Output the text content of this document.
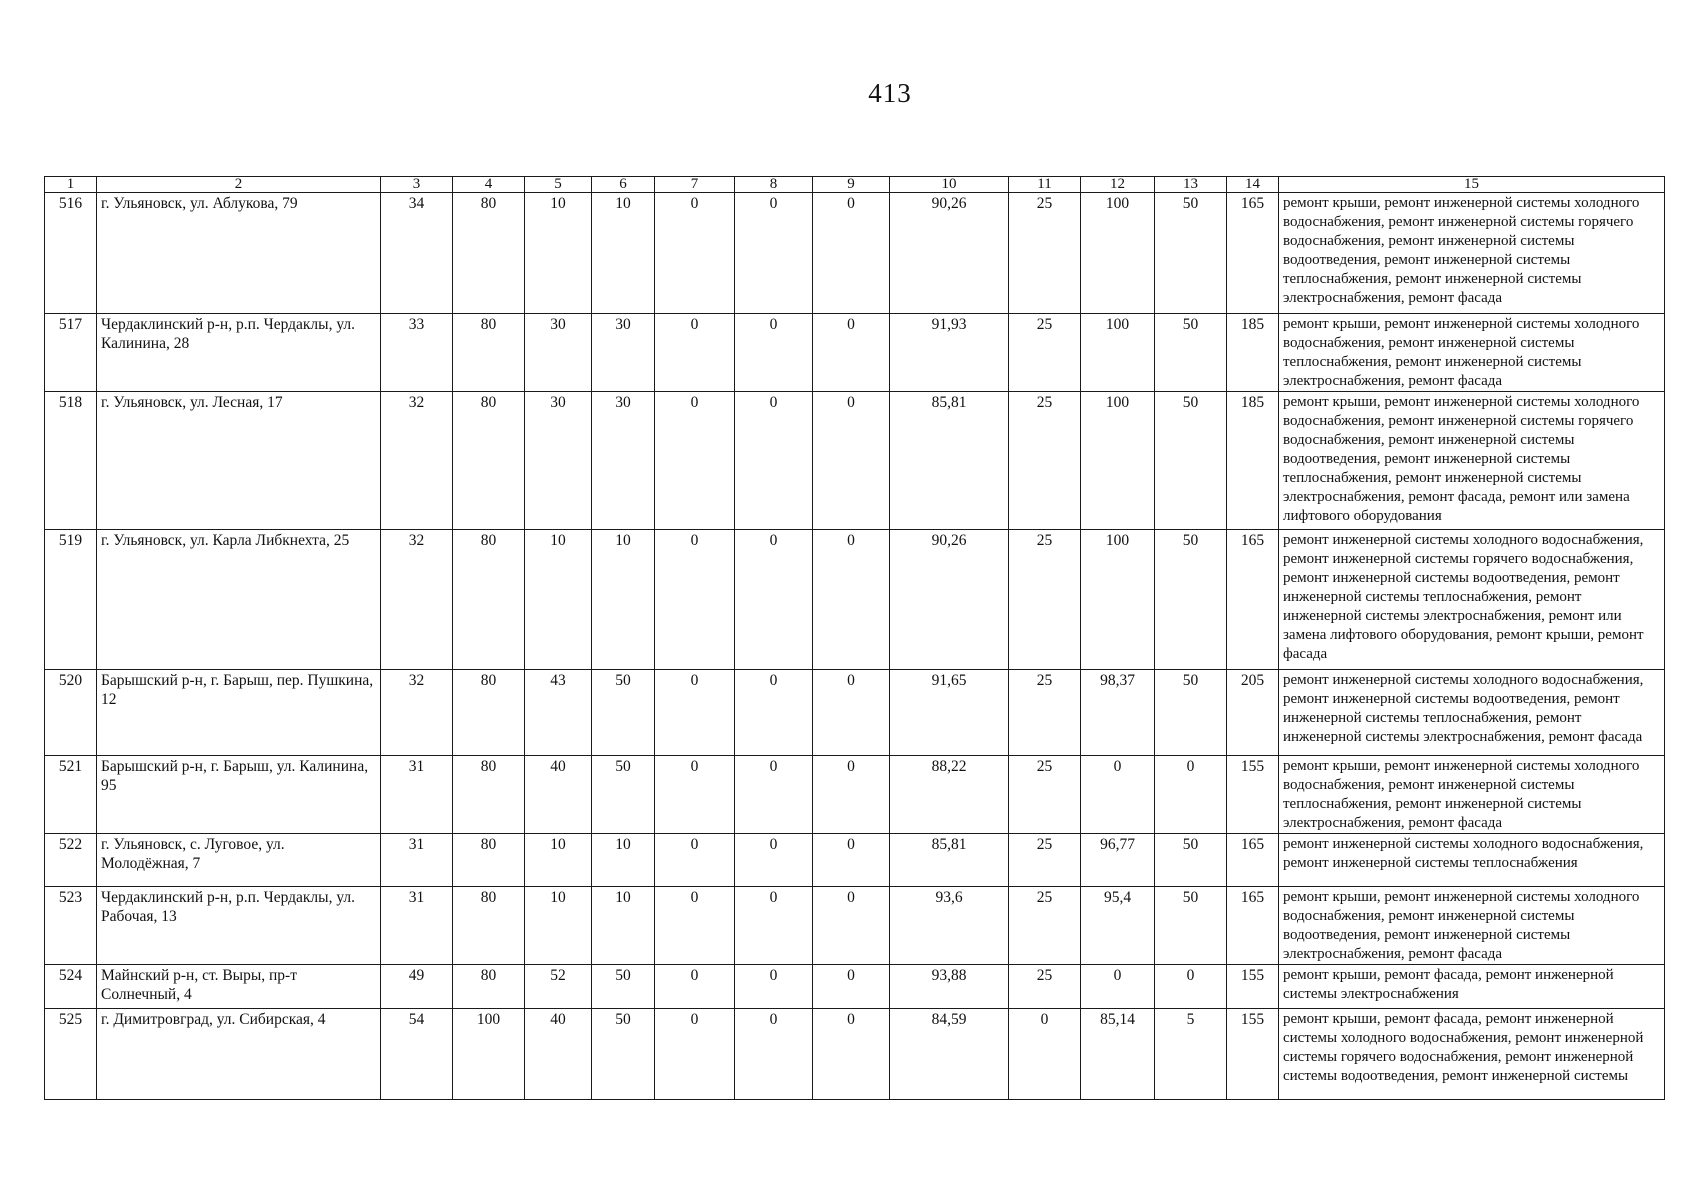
413
1	2	3	4	5	6	7	8	9	10	11	12	13	14	15
516	г. Ульяновск, ул. Аблукова, 79	34	80	10	10	0	0	0	90,26	25	100	50	165	ремонт крыши, ремонт инженерной системы холодного водоснабжения, ремонт инженерной системы горячего водоснабжения, ремонт инженерной системы водоотведения, ремонт инженерной системы теплоснабжения, ремонт инженерной системы электроснабжения, ремонт фасада
517	Чердаклинский р-н, р.п. Чердаклы, ул. Калинина, 28	33	80	30	30	0	0	0	91,93	25	100	50	185	ремонт крыши, ремонт инженерной системы холодного водоснабжения, ремонт инженерной системы теплоснабжения, ремонт инженерной системы электроснабжения, ремонт фасада
518	г. Ульяновск, ул. Лесная, 17	32	80	30	30	0	0	0	85,81	25	100	50	185	ремонт крыши, ремонт инженерной системы холодного водоснабжения, ремонт инженерной системы горячего водоснабжения, ремонт инженерной системы водоотведения, ремонт инженерной системы теплоснабжения, ремонт инженерной системы электроснабжения, ремонт фасада, ремонт или замена лифтового оборудования
519	г. Ульяновск, ул. Карла Либкнехта, 25	32	80	10	10	0	0	0	90,26	25	100	50	165	ремонт инженерной системы холодного водоснабжения, ремонт инженерной системы горячего водоснабжения, ремонт инженерной системы водоотведения, ремонт инженерной системы теплоснабжения, ремонт инженерной системы электроснабжения, ремонт или замена лифтового оборудования, ремонт крыши, ремонт фасада
520	Барышский р-н, г. Барыш, пер. Пушкина, 12	32	80	43	50	0	0	0	91,65	25	98,37	50	205	ремонт инженерной системы холодного водоснабжения, ремонт инженерной системы водоотведения, ремонт инженерной системы теплоснабжения, ремонт инженерной системы электроснабжения, ремонт фасада
521	Барышский р-н, г. Барыш, ул. Калинина, 95	31	80	40	50	0	0	0	88,22	25	0	0	155	ремонт крыши, ремонт инженерной системы холодного водоснабжения, ремонт инженерной системы теплоснабжения, ремонт инженерной системы электроснабжения, ремонт фасада
522	г. Ульяновск, с. Луговое, ул. Молодёжная, 7	31	80	10	10	0	0	0	85,81	25	96,77	50	165	ремонт инженерной системы холодного водоснабжения, ремонт инженерной системы теплоснабжения
523	Чердаклинский р-н, р.п. Чердаклы, ул. Рабочая, 13	31	80	10	10	0	0	0	93,6	25	95,4	50	165	ремонт крыши, ремонт инженерной системы холодного водоснабжения, ремонт инженерной системы водоотведения, ремонт инженерной системы электроснабжения, ремонт фасада
524	Майнский р-н, ст. Выры, пр-т Солнечный, 4	49	80	52	50	0	0	0	93,88	25	0	0	155	ремонт крыши, ремонт фасада, ремонт инженерной системы электроснабжения
525	г. Димитровград, ул. Сибирская, 4	54	100	40	50	0	0	0	84,59	0	85,14	5	155	ремонт крыши, ремонт фасада, ремонт инженерной системы холодного водоснабжения, ремонт инженерной системы горячего водоснабжения, ремонт инженерной системы водоотведения, ремонт инженерной системы
